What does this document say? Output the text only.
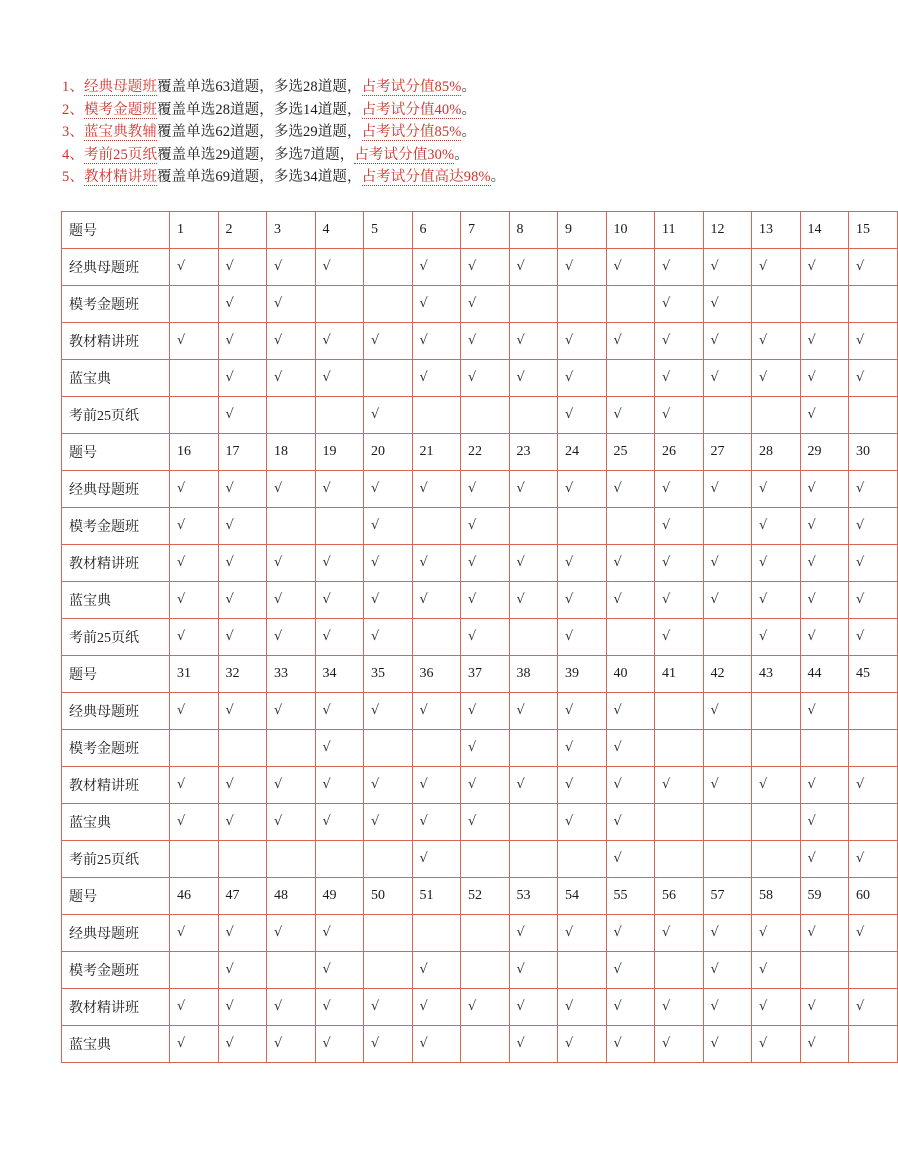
1、经典母题班覆盖单选63道题，多选28道题，占考试分值85%。
2、模考金题班覆盖单选28道题，多选14道题，占考试分值40%。
3、蓝宝典教辅覆盖单选62道题，多选29道题，占考试分值85%。
4、考前25页纸覆盖单选29道题，多选7道题，占考试分值30%。
5、教材精讲班覆盖单选69道题，多选34道题，占考试分值高达98%。
题号	1	2	3	4	5	6	7	8	9	10	11	12	13	14	15
经典母题班	√	√	√	√		√	√	√	√	√	√	√	√	√	√
模考金题班		√	√			√	√				√	√			
教材精讲班	√	√	√	√	√	√	√	√	√	√	√	√	√	√	√
蓝宝典		√	√	√		√	√	√	√		√	√	√	√	√
考前25页纸		√			√				√	√	√			√	
题号	16	17	18	19	20	21	22	23	24	25	26	27	28	29	30
经典母题班	√	√	√	√	√	√	√	√	√	√	√	√	√	√	√
模考金题班	√	√			√		√				√		√	√	√
教材精讲班	√	√	√	√	√	√	√	√	√	√	√	√	√	√	√
蓝宝典	√	√	√	√	√	√	√	√	√	√	√	√	√	√	√
考前25页纸	√	√	√	√	√		√		√		√		√	√	√
题号	31	32	33	34	35	36	37	38	39	40	41	42	43	44	45
经典母题班	√	√	√	√	√	√	√	√	√	√		√		√	
模考金题班				√			√		√	√					
教材精讲班	√	√	√	√	√	√	√	√	√	√	√	√	√	√	√
蓝宝典	√	√	√	√	√	√	√		√	√				√	
考前25页纸						√				√				√	√
题号	46	47	48	49	50	51	52	53	54	55	56	57	58	59	60
经典母题班	√	√	√	√				√	√	√	√	√	√	√	√
模考金题班		√		√		√		√		√		√	√		
教材精讲班	√	√	√	√	√	√	√	√	√	√	√	√	√	√	√
蓝宝典	√	√	√	√	√	√		√	√	√	√	√	√	√	
